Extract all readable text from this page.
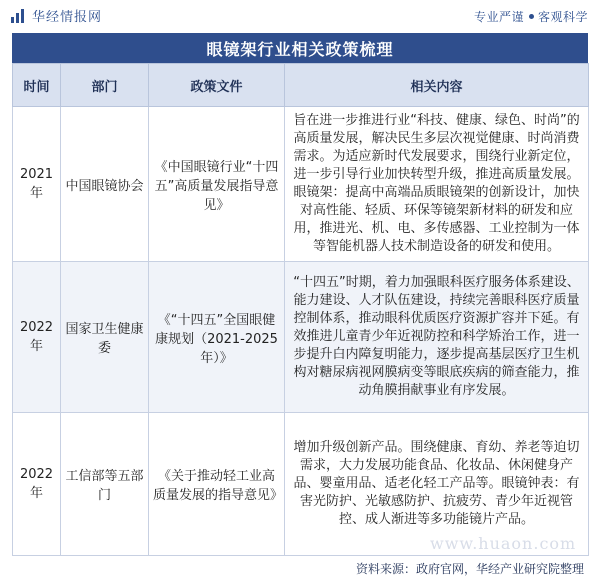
华经情报网	专业严谨 客观科学
眼镜架行业相关政策梳理
时间	部门	政策文件	相关内容
2021年	中国眼镜协会	《中国眼镜行业“十四五”高质量发展指导意见》	旨在进一步推进行业“科技、健康、绿色、时尚”的高质量发展，解决民生多层次视觉健康、时尚消费需求。为适应新时代发展要求，围绕行业新定位，进一步引导行业加快转型升级，推进高质量发展。眼镜架：提高中高端品质眼镜架的创新设计，加快对高性能、轻质、环保等镜架新材料的研发和应用，推进光、机、电、多传感器、工业控制为一体等智能机器人技术制造设备的研发和使用。
2022年	国家卫生健康委	《“十四五”全国眼健康规划（2021-2025年）》	“十四五”时期，着力加强眼科医疗服务体系建设、能力建设、人才队伍建设，持续完善眼科医疗质量控制体系，推动眼科优质医疗资源扩容并下延。有效推进儿童青少年近视防控和科学矫治工作，进一步提升白内障复明能力，逐步提高基层医疗卫生机构对糖尿病视网膜病变等眼底疾病的筛查能力，推动角膜捐献事业有序发展。
2022年	工信部等五部门	《关于推动轻工业高质量发展的指导意见》	增加升级创新产品。围绕健康、育幼、养老等迫切需求，大力发展功能食品、化妆品、休闲健身产品、婴童用品、适老化轻工产品等。眼镜钟表：有害光防护、光敏感防护、抗疲劳、青少年近视管控、成人渐进等多功能镜片产品。
www.huaon.com
资料来源：政府官网，华经产业研究院整理
